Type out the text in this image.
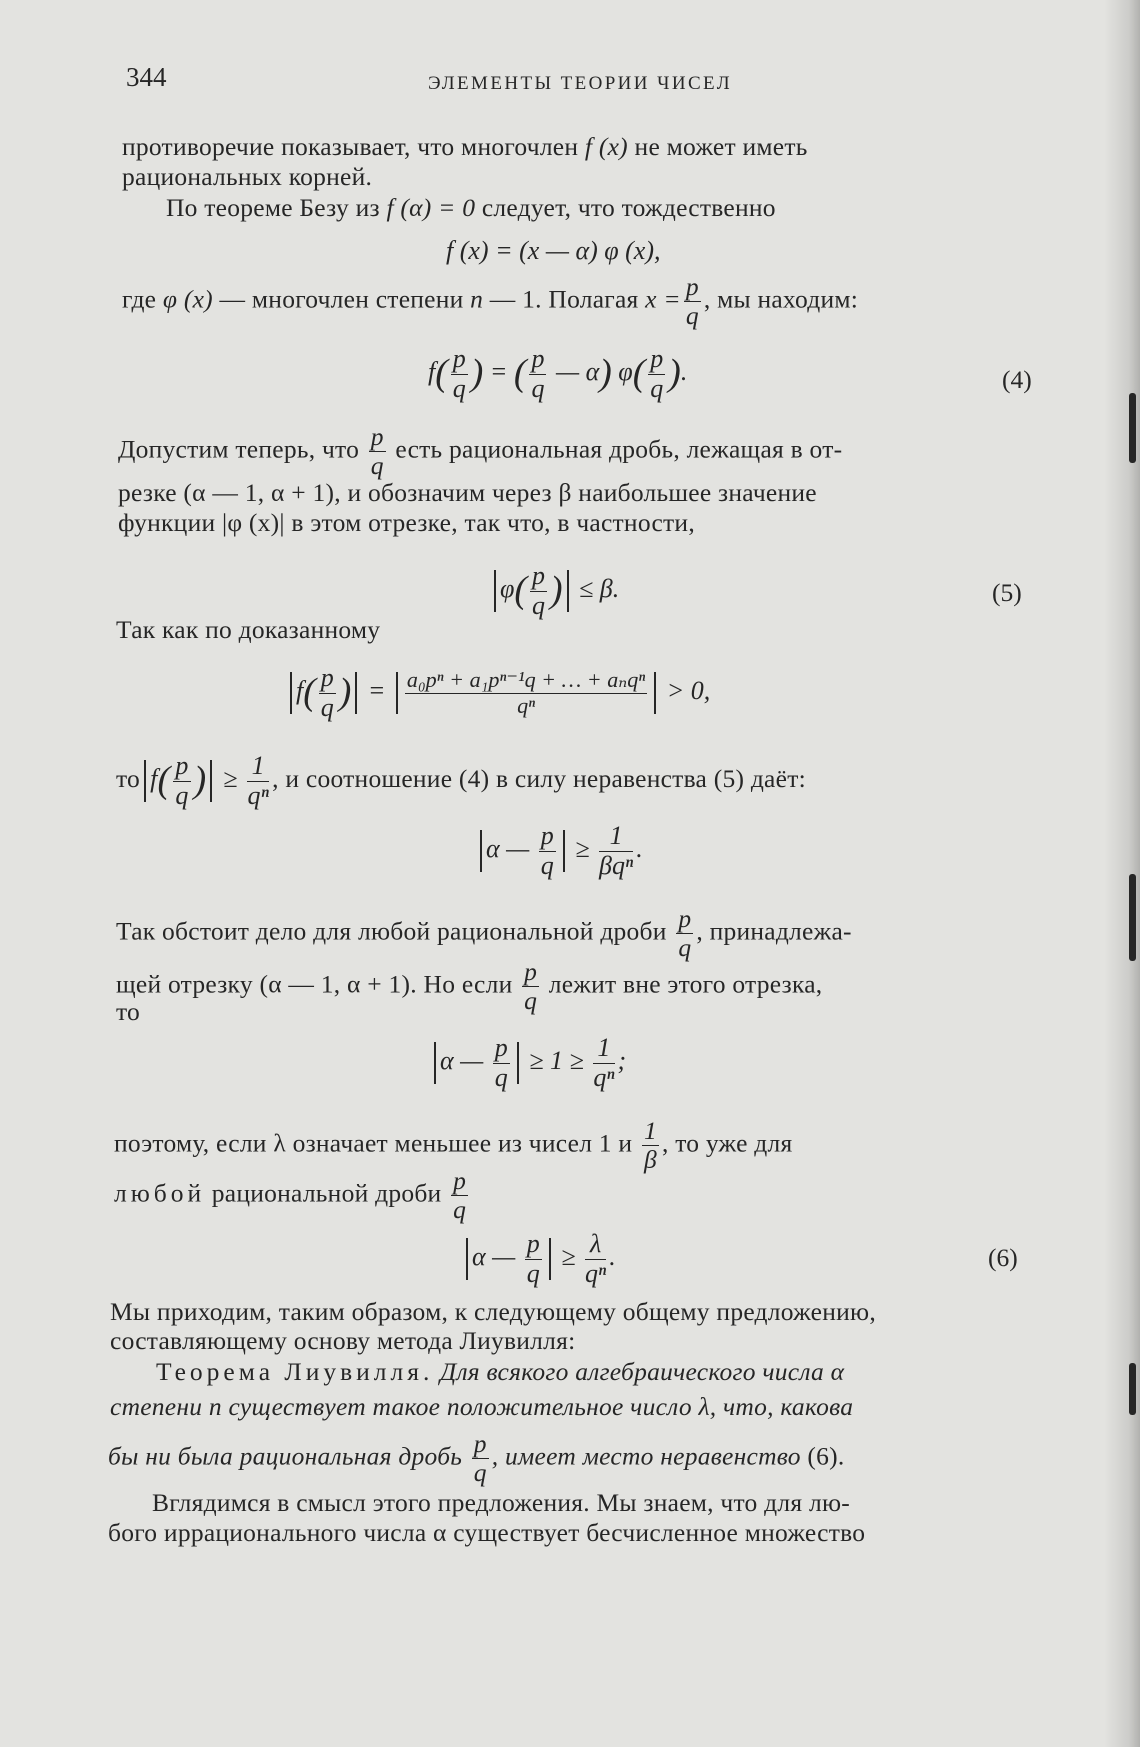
344	ЭЛЕМЕНТЫ ТЕОРИИ ЧИСЕЛ
противоречие показывает, что многочлен f (x) не может иметь
рациональных корней.
По теореме Безу из f (α) = 0 следует, что тождественно
f (x) = (x — α) φ (x),
где φ (x) — многочлен степени n — 1. Полагая $x = \frac{p}{q}$ , мы находим:
$f( \frac{p}{q}$ ) = ( $\frac{p}{q}$ — α) $\varphi( \frac{p}{q}$ ).	(4)
Допустим теперь, что $\frac{p}{q}$ есть рациональная дробь, лежащая в от-
резке (α — 1, α + 1), и обозначим через β наибольшее значение
функции |φ (x)| в этом отрезке, так что, в частности,
$\varphi( \frac{p}{q}$ ) ≤ β.	(5)
Так как по доказанному
$f( \frac{p}{q}$ ) = $\frac{\text{a₀pⁿ + a₁pⁿ⁻¹q + … + aₙqⁿ}}{\text{qⁿ}} > 0$,
то $f( \frac{p}{q}$ ) ≥ $\frac{1}{\text{qⁿ}}$ , и соотношение (4) в силу неравенства (5) даёт:
α — $\frac{p}{q} \ge \frac{1}{\text{βqⁿ}}$ .
Так обстоит дело для любой рациональной дроби $\frac{p}{q}$ , принадлежа-
щей отрезку (α — 1, α + 1). Но если $\frac{p}{q}$ лежит вне этого отрезка,
то
α — $\frac{p}{q} \ge 1 \ge \frac{1}{\text{qⁿ}}$ ;
поэтому, если λ означает меньшее из чисел 1 и $\frac{1}{\beta}$ , то уже для
любой рациональной дроби $\frac{p}{q}$
α — $\frac{p}{q} \ge \frac{\lambda}{\text{qⁿ}}$ .	(6)
Мы приходим, таким образом, к следующему общему предложению,
составляющему основу метода Лиувилля:
Теорема Лиувилля. Для всякого алгебраического числа α
степени n существует такое положительное число λ, что, какова
бы ни была рациональная дробь $\frac{p}{q}$ , имеет место неравенство (6).
Вглядимся в смысл этого предложения. Мы знаем, что для лю-
бого иррационального числа α существует бесчисленное множество
